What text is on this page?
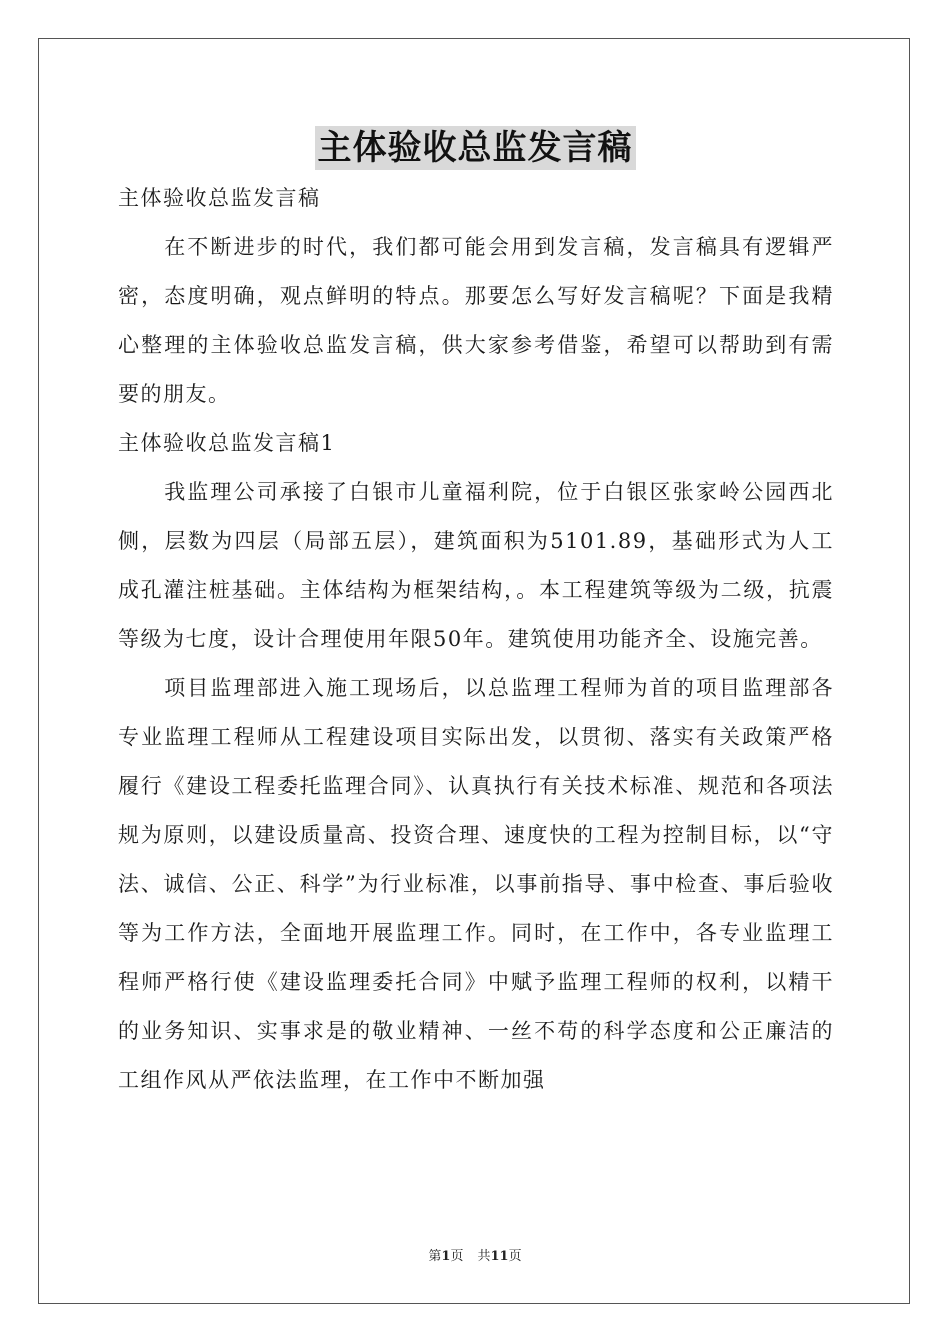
主体验收总监发言稿

主体验收总监发言稿

在不断进步的时代，我们都可能会用到发言稿，发言稿具有逻辑严密，态度明确，观点鲜明的特点。那要怎么写好发言稿呢？下面是我精心整理的主体验收总监发言稿，供大家参考借鉴，希望可以帮助到有需要的朋友。

主体验收总监发言稿1

我监理公司承接了白银市儿童福利院，位于白银区张家岭公园西北侧，层数为四层（局部五层），建筑面积为5101.89，基础形式为人工成孔灌注桩基础。主体结构为框架结构，。本工程建筑等级为二级，抗震等级为七度，设计合理使用年限50年。建筑使用功能齐全、设施完善。

项目监理部进入施工现场后，以总监理工程师为首的项目监理部各专业监理工程师从工程建设项目实际出发，以贯彻、落实有关政策严格履行《建设工程委托监理合同》、认真执行有关技术标准、规范和各项法规为原则，以建设质量高、投资合理、速度快的工程为控制目标，以“守法、诚信、公正、科学”为行业标准，以事前指导、事中检查、事后验收等为工作方法，全面地开展监理工作。同时，在工作中，各专业监理工程师严格行使《建设监理委托合同》中赋予监理工程师的权利，以精干的业务知识、实事求是的敬业精神、一丝不苟的科学态度和公正廉洁的工组作风从严依法监理，在工作中不断加强

第1页 共11页
